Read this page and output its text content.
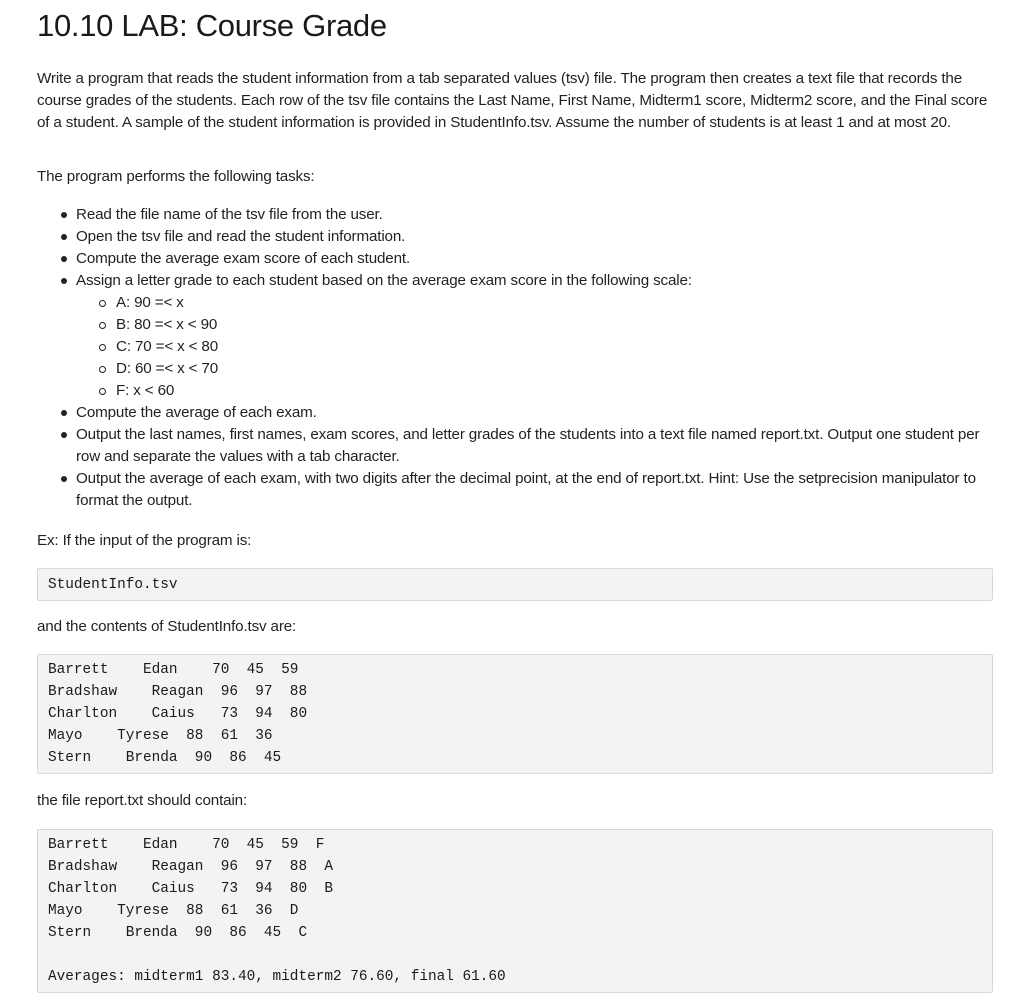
10.10 LAB: Course Grade

Write a program that reads the student information from a tab separated values (tsv) file. The program then creates a text file that records the course grades of the students. Each row of the tsv file contains the Last Name, First Name, Midterm1 score, Midterm2 score, and the Final score of a student. A sample of the student information is provided in StudentInfo.tsv. Assume the number of students is at least 1 and at most 20.

The program performs the following tasks:

Read the file name of the tsv file from the user.
Open the tsv file and read the student information.
Compute the average exam score of each student.
Assign a letter grade to each student based on the average exam score in the following scale:
A: 90 =< x
B: 80 =< x < 90
C: 70 =< x < 80
D: 60 =< x < 70
F: x < 60
Compute the average of each exam.
Output the last names, first names, exam scores, and letter grades of the students into a text file named report.txt. Output one student per row and separate the values with a tab character.
Output the average of each exam, with two digits after the decimal point, at the end of report.txt. Hint: Use the setprecision manipulator to format the output.

Ex: If the input of the program is:

StudentInfo.tsv

and the contents of StudentInfo.tsv are:

Barrett    Edan    70  45  59
Bradshaw    Reagan  96  97  88
Charlton    Caius   73  94  80
Mayo    Tyrese  88  61  36
Stern    Brenda  90  86  45

the file report.txt should contain:

Barrett    Edan    70  45  59  F
Bradshaw    Reagan  96  97  88  A
Charlton    Caius   73  94  80  B
Mayo    Tyrese  88  61  36  D
Stern    Brenda  90  86  45  C
Averages: midterm1 83.40, midterm2 76.60, final 61.60
